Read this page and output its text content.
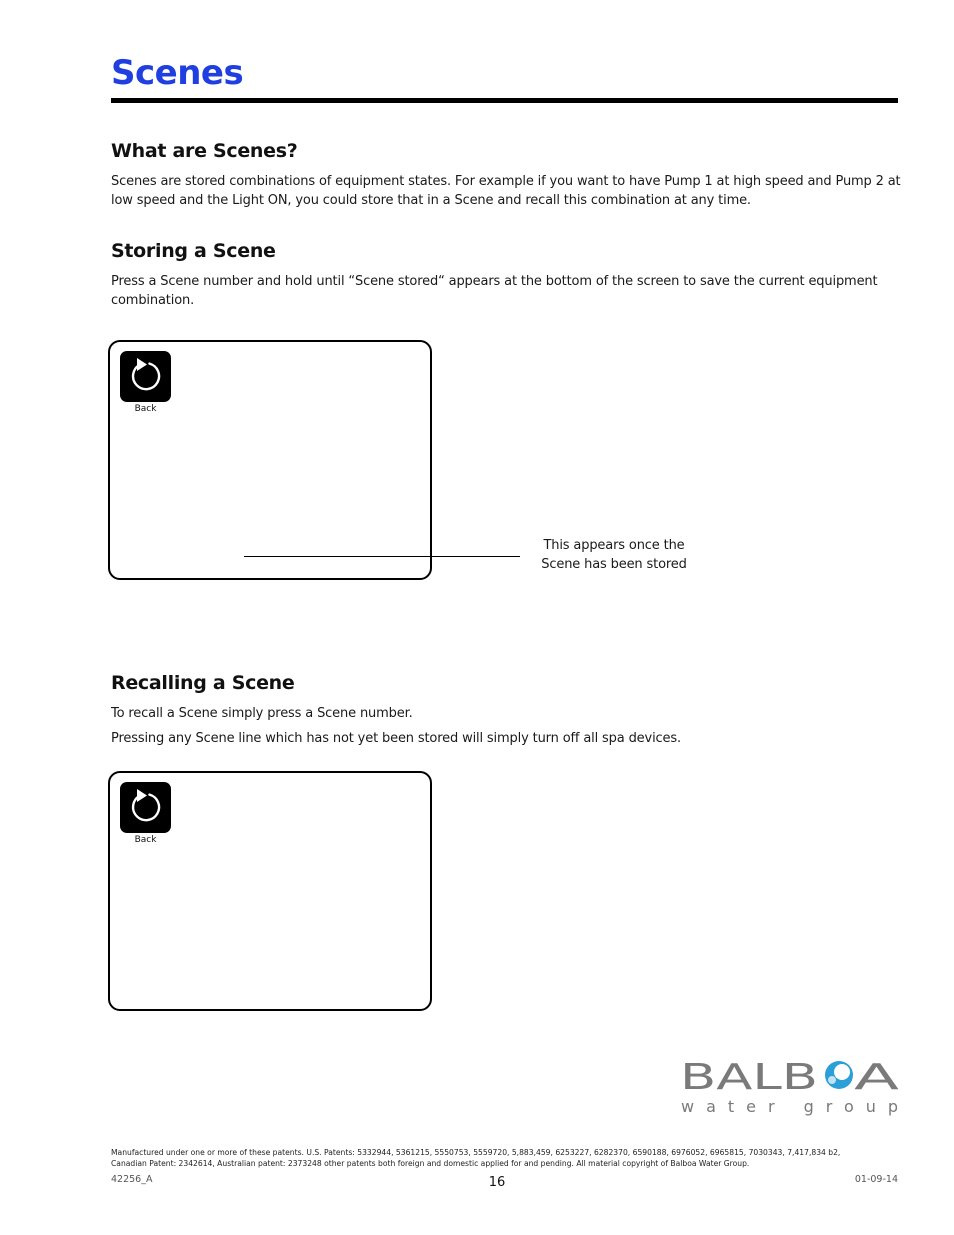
Scenes
What are Scenes?

Scenes are stored combinations of equipment states. For example if you want to have Pump 1 at high speed and Pump 2 at low speed and the Light ON, you could store that in a Scene and recall this combination at any time.

Storing a Scene

Press a Scene number and hold until “Scene stored“ appears at the bottom of the screen to save the current equipment combination.

Back

This appears once the
Scene has been stored

Recalling a Scene

To recall a Scene simply press a Scene number.

Pressing any Scene line which has not yet been stored will simply turn off all spa devices.

Back
BALB A
water group

Manufactured under one or more of these patents. U.S. Patents: 5332944, 5361215, 5550753, 5559720, 5,883,459, 6253227, 6282370, 6590188, 6976052, 6965815, 7030343, 7,417,834 b2,
Canadian Patent: 2342614, Australian patent: 2373248 other patents both foreign and domestic applied for and pending. All material copyright of Balboa Water Group.

42256_A	16	01-09-14
